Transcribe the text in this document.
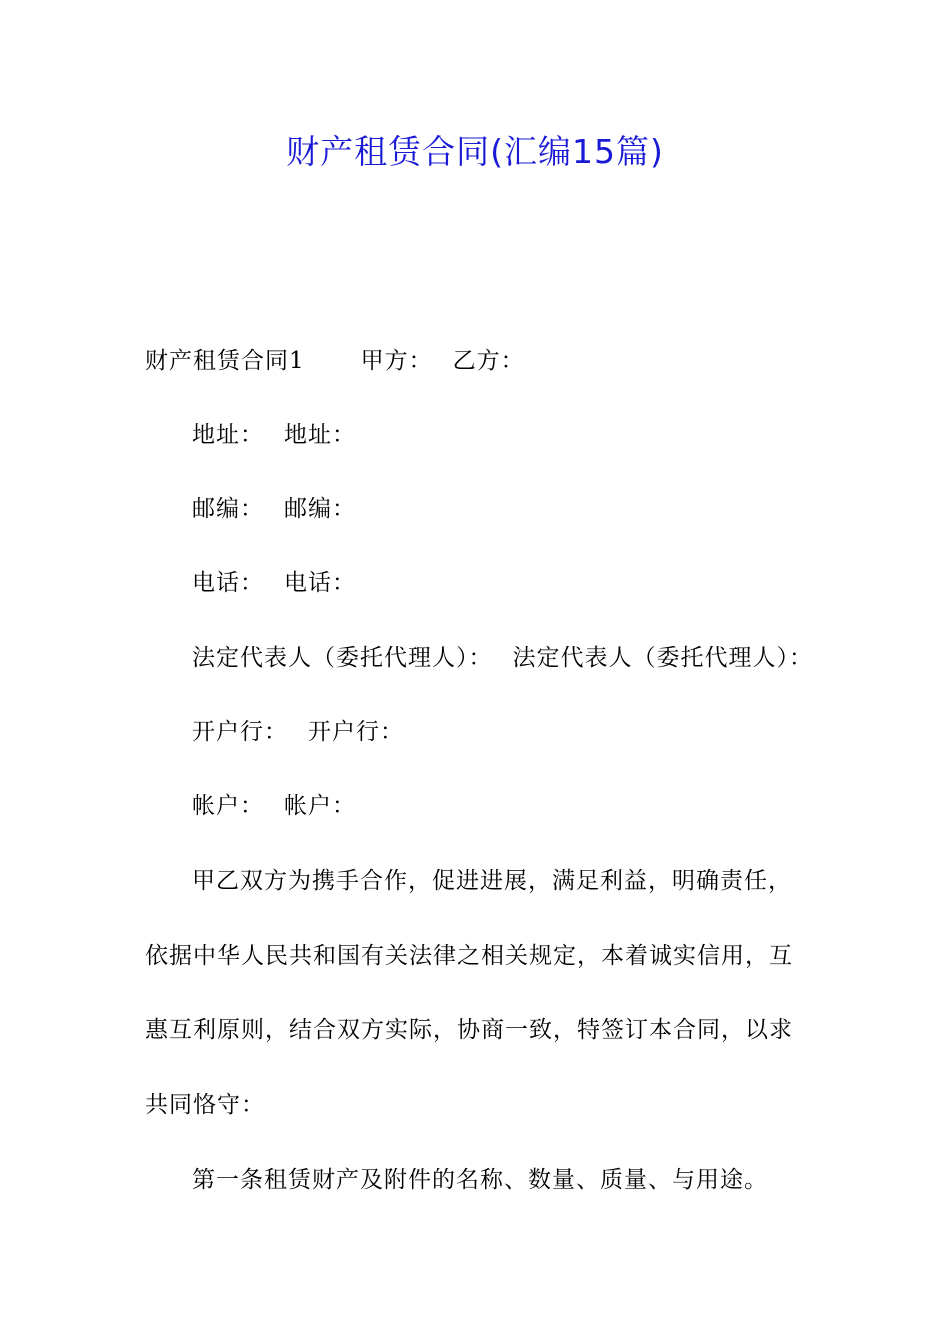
财产租赁合同(汇编15篇)
财产租赁合同1 甲方： 乙方：
地址： 地址：
邮编： 邮编：
电话： 电话：
法定代表人（委托代理人）： 法定代表人（委托代理人）：
开户行： 开户行：
帐户： 帐户：
甲乙双方为携手合作，促进进展，满足利益，明确责任，
依据中华人民共和国有关法律之相关规定，本着诚实信用，互
惠互利原则，结合双方实际，协商一致，特签订本合同，以求
共同恪守：
第一条租赁财产及附件的名称、数量、质量、与用途。
